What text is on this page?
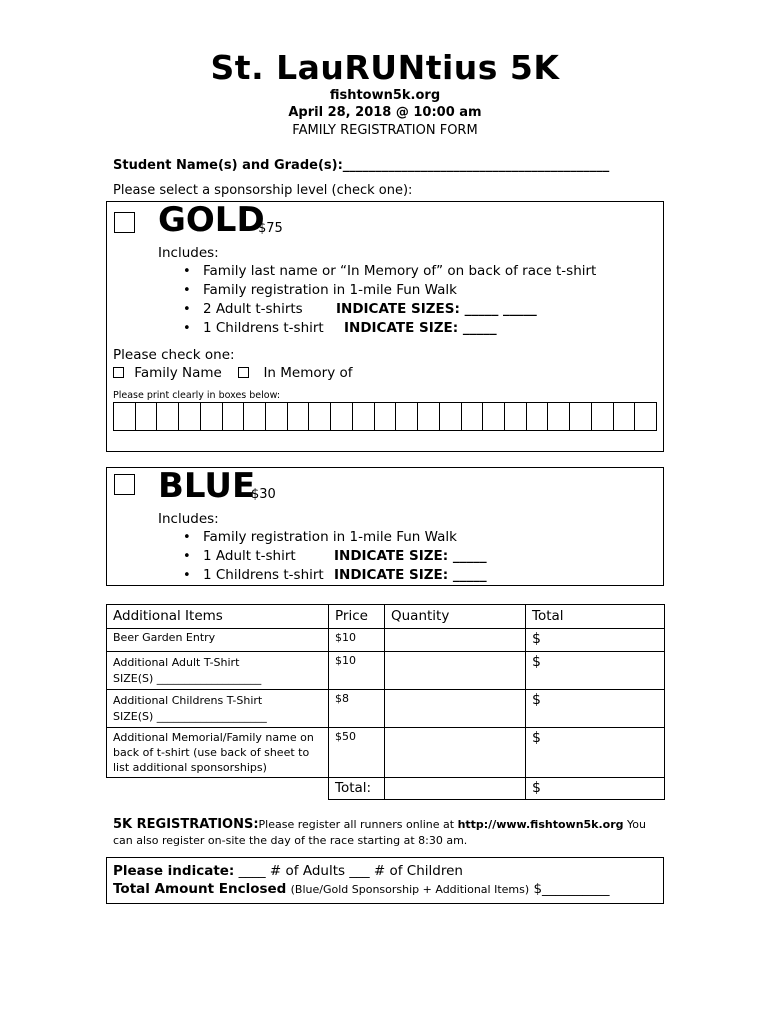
St. LauRUNtius 5K
fishtown5k.org
April 28, 2018 @ 10:00 am
FAMILY REGISTRATION FORM
Student Name(s) and Grade(s):_________________________________________
Please select a sponsorship level (check one):
GOLD
$75
Includes:
• Family last name or “In Memory of” on back of race t-shirt
• Family registration in 1-mile Fun Walk
• 2 Adult t-shirts INDICATE SIZES: _____ _____
• 1 Childrens t-shirt INDICATE SIZE: _____
Please check one:
Family Name	In Memory of
Please print clearly in boxes below:
BLUE
$30
Includes:
• Family registration in 1-mile Fun Walk
• 1 Adult t-shirt	INDICATE SIZE: _____
• 1 Childrens t-shirt INDICATE SIZE: _____
Additional Items	Price	Quantity	Total
Beer Garden Entry	$10		$

Additional Adult T-Shirt
SIZE(S) ___________________	$10		$

Additional Childrens T-Shirt
SIZE(S) ____________________	$8		$
Additional Memorial/Family name on back of t-shirt (use back of sheet to list additional sponsorships)	$50		$
	Total:		$
5K REGISTRATIONS:Please register all runners online at http://www.fishtown5k.org You can also register on-site the day of the race starting at 8:30 am.
Please indicate: ____ # of Adults ___ # of Children
Total Amount Enclosed (Blue/Gold Sponsorship + Additional Items) $__________
